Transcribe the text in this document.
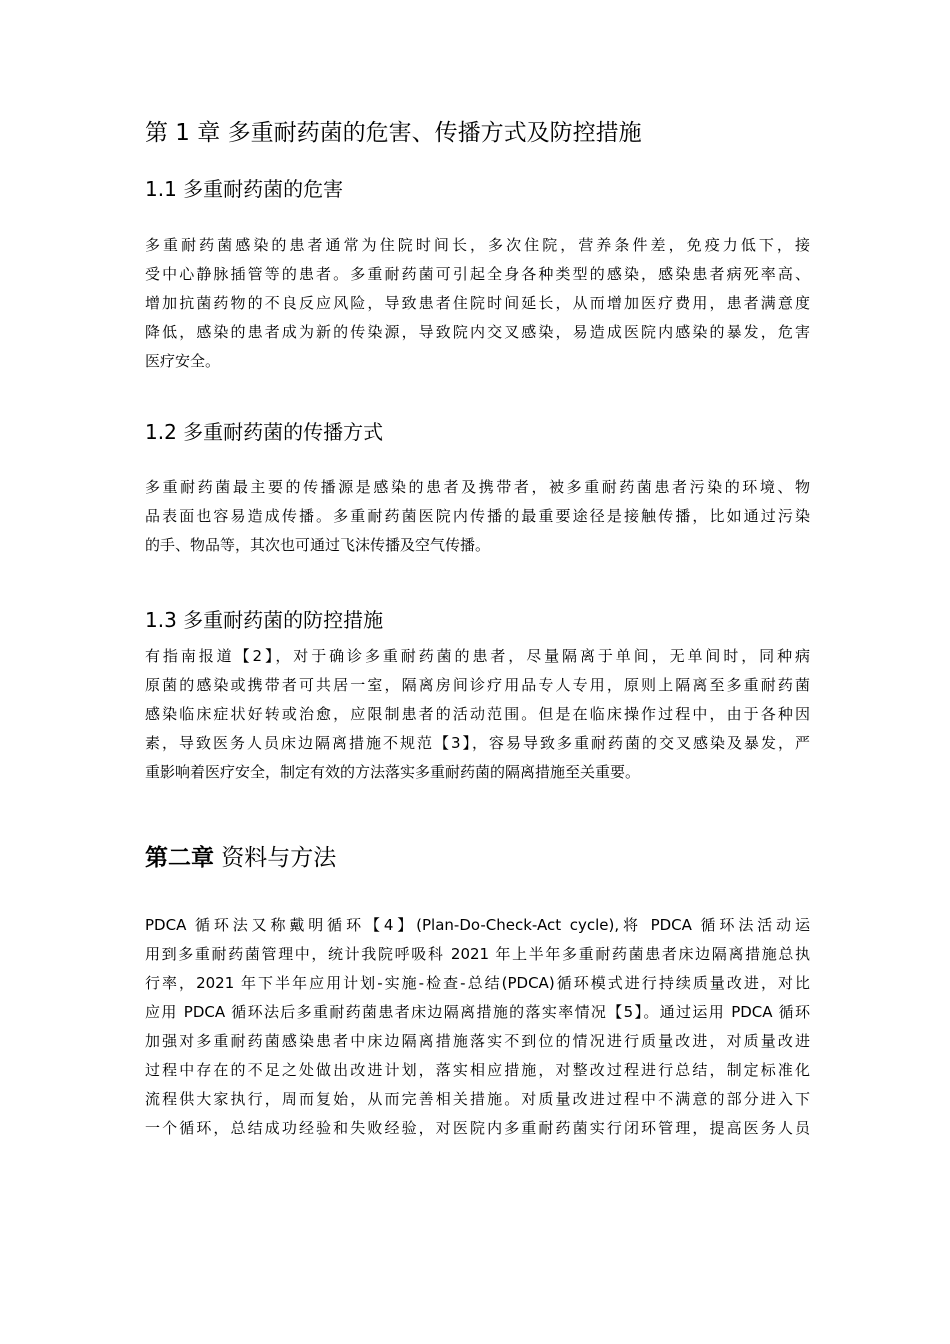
第 1 章 多重耐药菌的危害、传播方式及防控措施
1.1 多重耐药菌的危害
多重耐药菌感染的患者通常为住院时间长，多次住院，营养条件差，免疫力低下，接
受中心静脉插管等的患者。多重耐药菌可引起全身各种类型的感染，感染患者病死率高、
增加抗菌药物的不良反应风险，导致患者住院时间延长，从而增加医疗费用，患者满意度
降低，感染的患者成为新的传染源，导致院内交叉感染，易造成医院内感染的暴发，危害
医疗安全。
1.2 多重耐药菌的传播方式
多重耐药菌最主要的传播源是感染的患者及携带者，被多重耐药菌患者污染的环境、物
品表面也容易造成传播。多重耐药菌医院内传播的最重要途径是接触传播，比如通过污染
的手、物品等，其次也可通过飞沫传播及空气传播。
1.3 多重耐药菌的防控措施
有指南报道【2】，对于确诊多重耐药菌的患者，尽量隔离于单间，无单间时，同种病
原菌的感染或携带者可共居一室，隔离房间诊疗用品专人专用，原则上隔离至多重耐药菌
感染临床症状好转或治愈，应限制患者的活动范围。但是在临床操作过程中，由于各种因
素，导致医务人员床边隔离措施不规范【3】，容易导致多重耐药菌的交叉感染及暴发，严
重影响着医疗安全，制定有效的方法落实多重耐药菌的隔离措施至关重要。
第二章 资料与方法
PDCA 循环法又称戴明循环【4】(Plan-Do-Check-Act cycle),将 PDCA 循环法活动运
用到多重耐药菌管理中，统计我院呼吸科 2021 年上半年多重耐药菌患者床边隔离措施总执
行率，2021 年下半年应用计划-实施-检查-总结(PDCA)循环模式进行持续质量改进，对比
应用 PDCA 循环法后多重耐药菌患者床边隔离措施的落实率情况【5】。通过运用 PDCA 循环
加强对多重耐药菌感染患者中床边隔离措施落实不到位的情况进行质量改进，对质量改进
过程中存在的不足之处做出改进计划，落实相应措施，对整改过程进行总结，制定标准化
流程供大家执行，周而复始，从而完善相关措施。对质量改进过程中不满意的部分进入下
一个循环，总结成功经验和失败经验，对医院内多重耐药菌实行闭环管理，提高医务人员
